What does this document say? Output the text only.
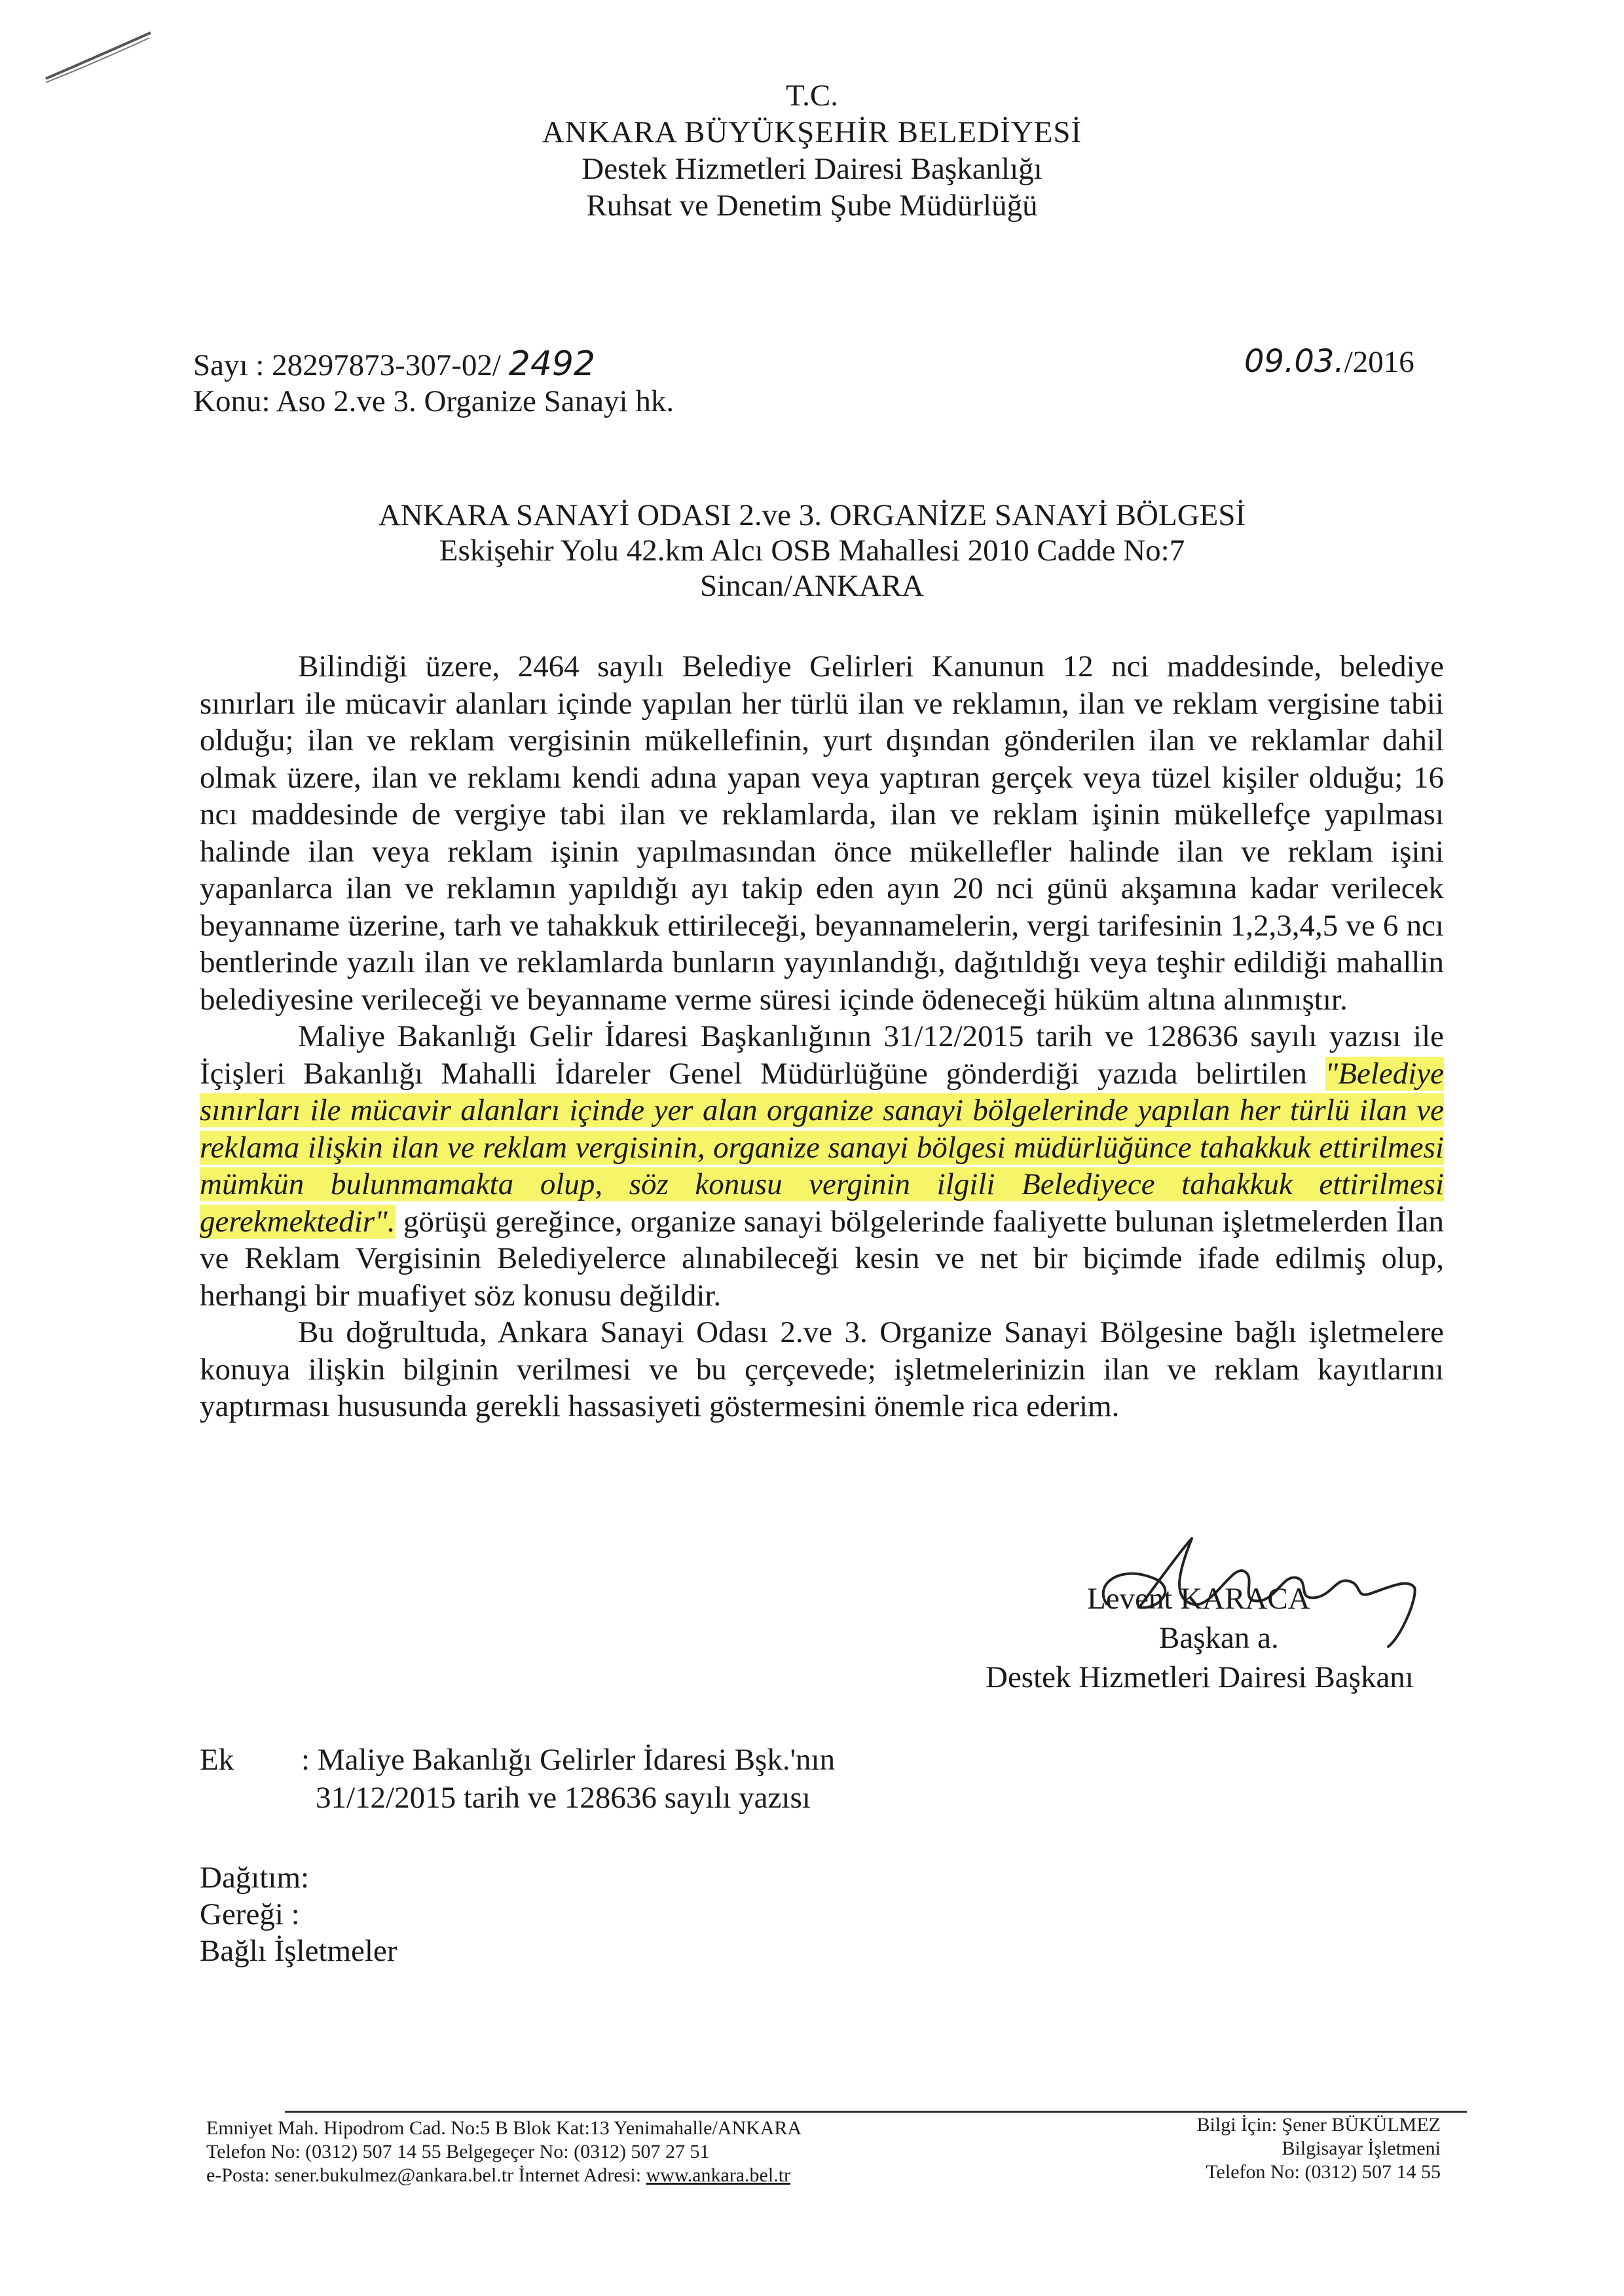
T.C.
ANKARA BÜYÜKŞEHİR BELEDİYESİ
Destek Hizmetleri Dairesi Başkanlığı
Ruhsat ve Denetim Şube Müdürlüğü
Sayı : 28297873-307-02/ 2492
Konu: Aso 2.ve 3. Organize Sanayi hk.
09.03./2016
ANKARA SANAYİ ODASI 2.ve 3. ORGANİZE SANAYİ BÖLGESİ
Eskişehir Yolu 42.km Alcı OSB Mahallesi 2010 Cadde No:7
Sincan/ANKARA

Bilindiği üzere, 2464 sayılı Belediye Gelirleri Kanunun 12 nci maddesinde, belediye sınırları ile mücavir alanları içinde yapılan her türlü ilan ve reklamın, ilan ve reklam vergisine tabii olduğu; ilan ve reklam vergisinin mükellefinin, yurt dışından gönderilen ilan ve reklamlar dahil olmak üzere, ilan ve reklamı kendi adına yapan veya yaptıran gerçek veya tüzel kişiler olduğu; 16 ncı maddesinde de vergiye tabi ilan ve reklamlarda, ilan ve reklam işinin mükellefçe yapılması halinde ilan veya reklam işinin yapılmasından önce mükellefler halinde ilan ve reklam işini yapanlarca ilan ve reklamın yapıldığı ayı takip eden ayın 20 nci günü akşamına kadar verilecek beyanname üzerine, tarh ve tahakkuk ettirileceği, beyannamelerin, vergi tarifesinin 1,2,3,4,5 ve 6 ncı bentlerinde yazılı ilan ve reklamlarda bunların yayınlandığı, dağıtıldığı veya teşhir edildiği mahallin belediyesine verileceği ve beyanname verme süresi içinde ödeneceği hüküm altına alınmıştır.

Maliye Bakanlığı Gelir İdaresi Başkanlığının 31/12/2015 tarih ve 128636 sayılı yazısı ile İçişleri Bakanlığı Mahalli İdareler Genel Müdürlüğüne gönderdiği yazıda belirtilen "Belediye sınırları ile mücavir alanları içinde yer alan organize sanayi bölgelerinde yapılan her türlü ilan ve reklama ilişkin ilan ve reklam vergisinin, organize sanayi bölgesi müdürlüğünce tahakkuk ettirilmesi mümkün bulunmamakta olup, söz konusu verginin ilgili Belediyece tahakkuk ettirilmesi gerekmektedir". görüşü gereğince, organize sanayi bölgelerinde faaliyette bulunan işletmelerden İlan ve Reklam Vergisinin Belediyelerce alınabileceği kesin ve net bir biçimde ifade edilmiş olup, herhangi bir muafiyet söz konusu değildir.

Bu doğrultuda, Ankara Sanayi Odası 2.ve 3. Organize Sanayi Bölgesine bağlı işletmelere konuya ilişkin bilginin verilmesi ve bu çerçevede; işletmelerinizin ilan ve reklam kayıtlarını yaptırması hususunda gerekli hassasiyeti göstermesini önemle rica ederim.

Levent KARACA
Başkan a.
Destek Hizmetleri Dairesi Başkanı
Ek : Maliye Bakanlığı Gelirler İdaresi Bşk.'nın
31/12/2015 tarih ve 128636 sayılı yazısı
Dağıtım:
Gereği :
Bağlı İşletmeler
Emniyet Mah. Hipodrom Cad. No:5 B Blok Kat:13 Yenimahalle/ANKARA
Telefon No: (0312) 507 14 55 Belgegeçer No: (0312) 507 27 51
e-Posta: sener.bukulmez@ankara.bel.tr İnternet Adresi: www.ankara.bel.tr
Bilgi İçin: Şener BÜKÜLMEZ
Bilgisayar İşletmeni
Telefon No: (0312) 507 14 55
